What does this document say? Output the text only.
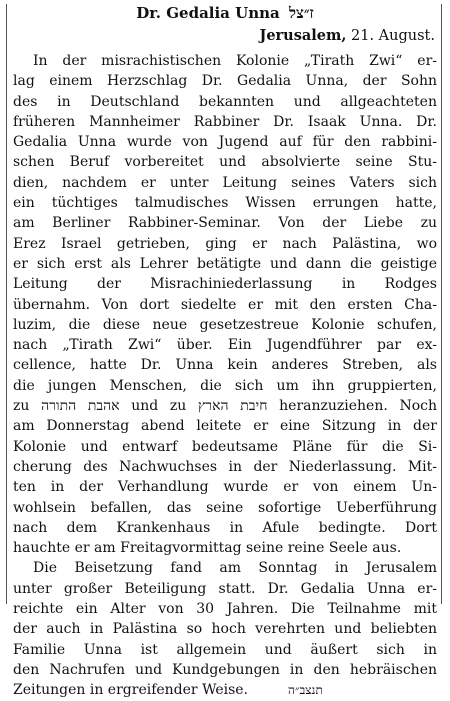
Dr. Gedalia Unna ז״צל
Jerusalem, 21. August.

In der misrachistischen Kolonie „Tirath Zwi“ er-
lag einem Herzschlag Dr. Gedalia Unna, der Sohn
des in Deutschland bekannten und allgeachteten
früheren Mannheimer Rabbiner Dr. Isaak Unna. Dr.
Gedalia Unna wurde von Jugend auf für den rabbini-
schen Beruf vorbereitet und absolvierte seine Stu-
dien, nachdem er unter Leitung seines Vaters sich
ein tüchtiges talmudisches Wissen errungen hatte,
am Berliner Rabbiner-Seminar. Von der Liebe zu
Erez Israel getrieben, ging er nach Palästina, wo
er sich erst als Lehrer betätigte und dann die geistige
Leitung der Misrachiniederlassung in Rodges
übernahm. Von dort siedelte er mit den ersten Cha-
luzim, die diese neue gesetzestreue Kolonie schufen,
nach „Tirath Zwi“ über. Ein Jugendführer par ex-
cellence, hatte Dr. Unna kein anderes Streben, als
die jungen Menschen, die sich um ihn gruppierten,
zu אהבת התורה und zu חיבת הארץ heranzuziehen. Noch
am Donnerstag abend leitete er eine Sitzung in der
Kolonie und entwarf bedeutsame Pläne für die Si-
cherung des Nachwuchses in der Niederlassung. Mit-
ten in der Verhandlung wurde er von einem Un-
wohlsein befallen, das seine sofortige Ueberführung
nach dem Krankenhaus in Afule bedingte. Dort
hauchte er am Freitagvormittag seine reine Seele aus.

Die Beisetzung fand am Sonntag in Jerusalem
unter großer Beteiligung statt. Dr. Gedalia Unna er-
reichte ein Alter von 30 Jahren. Die Teilnahme mit
der auch in Palästina so hoch verehrten und beliebten
Familie Unna ist allgemein und äußert sich in
den Nachrufen und Kundgebungen in den hebräischen
Zeitungen in ergreifender Weise.	תנצב״ה
